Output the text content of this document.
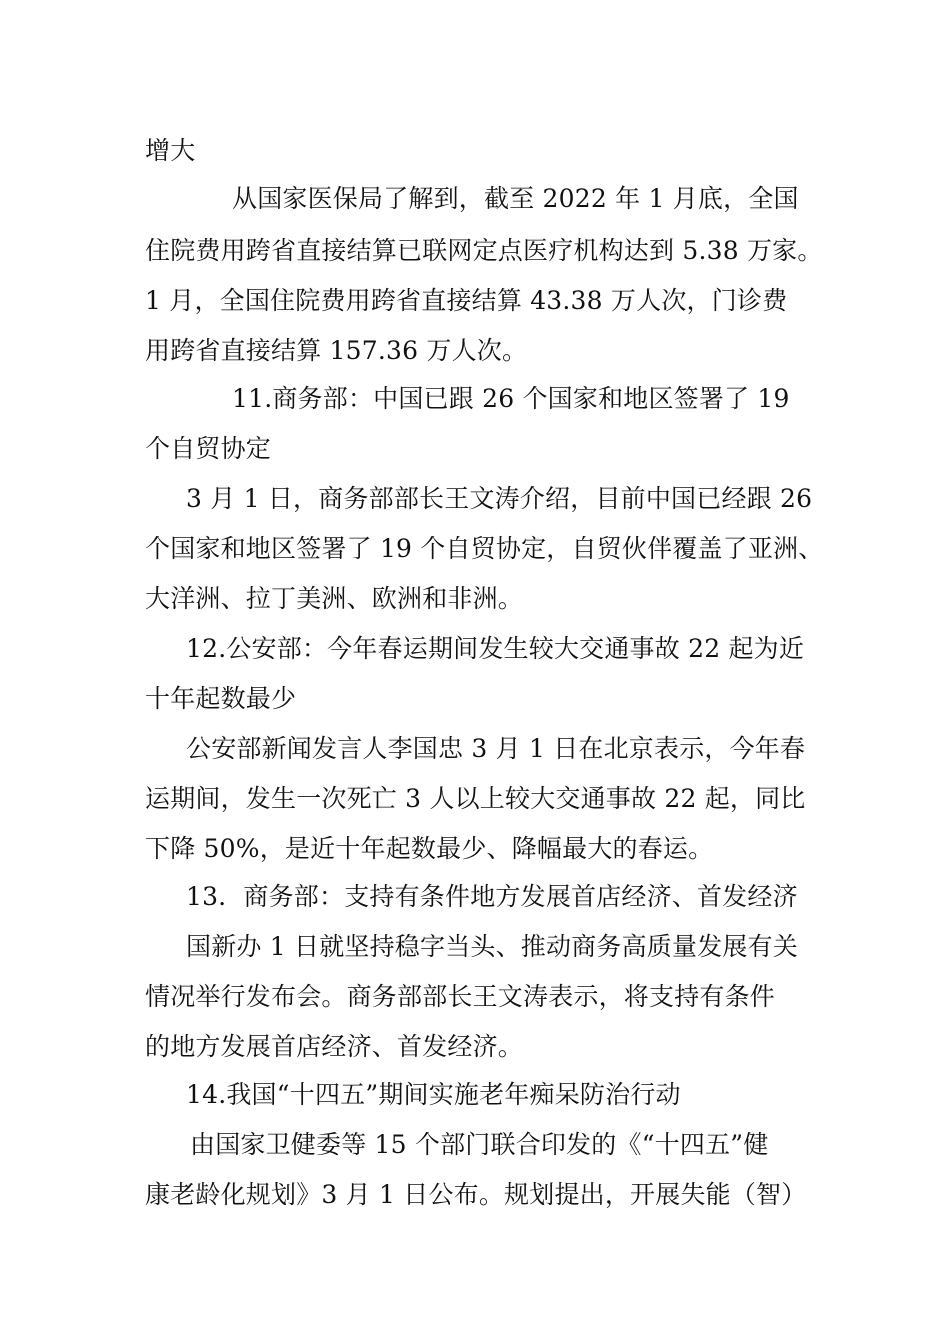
增大
从国家医保局了解到，截至 2022 年 1 月底，全国
住院费用跨省直接结算已联网定点医疗机构达到 5.38 万家。
1 月，全国住院费用跨省直接结算 43.38 万人次，门诊费
用跨省直接结算 157.36 万人次。
11.商务部：中国已跟 26 个国家和地区签署了 19
个自贸协定
3 月 1 日，商务部部长王文涛介绍，目前中国已经跟 26
个国家和地区签署了 19 个自贸协定，自贸伙伴覆盖了亚洲、
大洋洲、拉丁美洲、欧洲和非洲。
12.公安部：今年春运期间发生较大交通事故 22 起为近
十年起数最少
公安部新闻发言人李国忠 3 月 1 日在北京表示，今年春
运期间，发生一次死亡 3 人以上较大交通事故 22 起，同比
下降 50%，是近十年起数最少、降幅最大的春运。
13．商务部：支持有条件地方发展首店经济、首发经济
国新办 1 日就坚持稳字当头、推动商务高质量发展有关
情况举行发布会。商务部部长王文涛表示，将支持有条件
的地方发展首店经济、首发经济。
14.我国“十四五”期间实施老年痴呆防治行动
由国家卫健委等 15 个部门联合印发的《“十四五”健
康老龄化规划》3 月 1 日公布。规划提出，开展失能（智）
